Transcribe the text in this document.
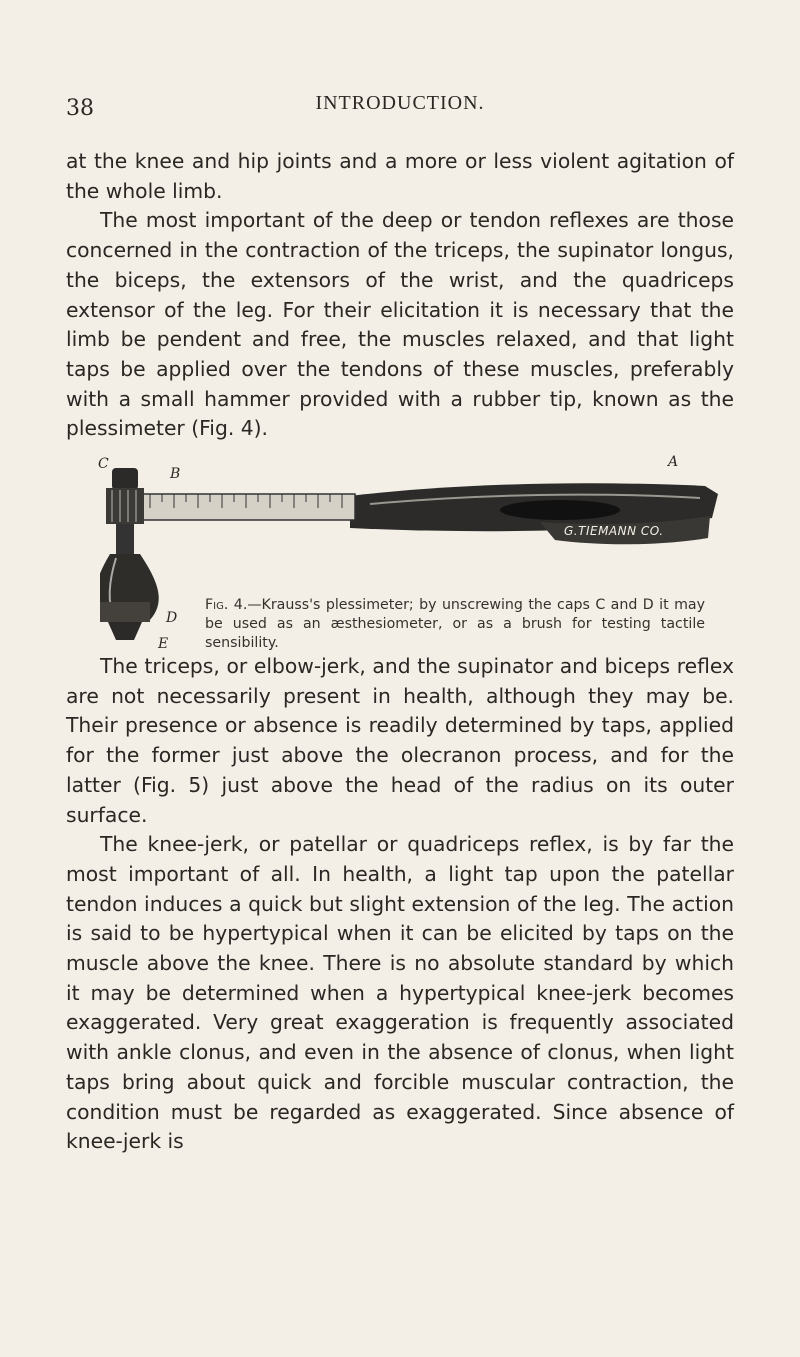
38	INTRODUCTION.

at the knee and hip joints and a more or less violent agitation of the whole limb.

The most important of the deep or tendon reflexes are those concerned in the contraction of the triceps, the supinator longus, the biceps, the extensors of the wrist, and the quadriceps extensor of the leg. For their elicitation it is necessary that the limb be pendent and free, the muscles relaxed, and that light taps be applied over the tendons of these muscles, preferably with a small hammer provided with a rubber tip, known as the plessimeter (Fig. 4).

G.TIEMANN CO.
C
B
A
D
E
Fig. 4.—Krauss's plessimeter; by unscrewing the caps C and D it may be used as an æsthesiometer, or as a brush for testing tactile sensibility.

The triceps, or elbow-jerk, and the supinator and biceps reflex are not necessarily present in health, although they may be. Their presence or absence is readily determined by taps, applied for the former just above the olecranon process, and for the latter (Fig. 5) just above the head of the radius on its outer surface.

The knee-jerk, or patellar or quadriceps reflex, is by far the most important of all. In health, a light tap upon the patellar tendon induces a quick but slight extension of the leg. The action is said to be hypertypical when it can be elicited by taps on the muscle above the knee. There is no absolute standard by which it may be determined when a hypertypical knee-jerk becomes exaggerated. Very great exaggeration is frequently associated with ankle clonus, and even in the absence of clonus, when light taps bring about quick and forcible muscular contraction, the condition must be regarded as exaggerated. Since absence of knee-jerk is
